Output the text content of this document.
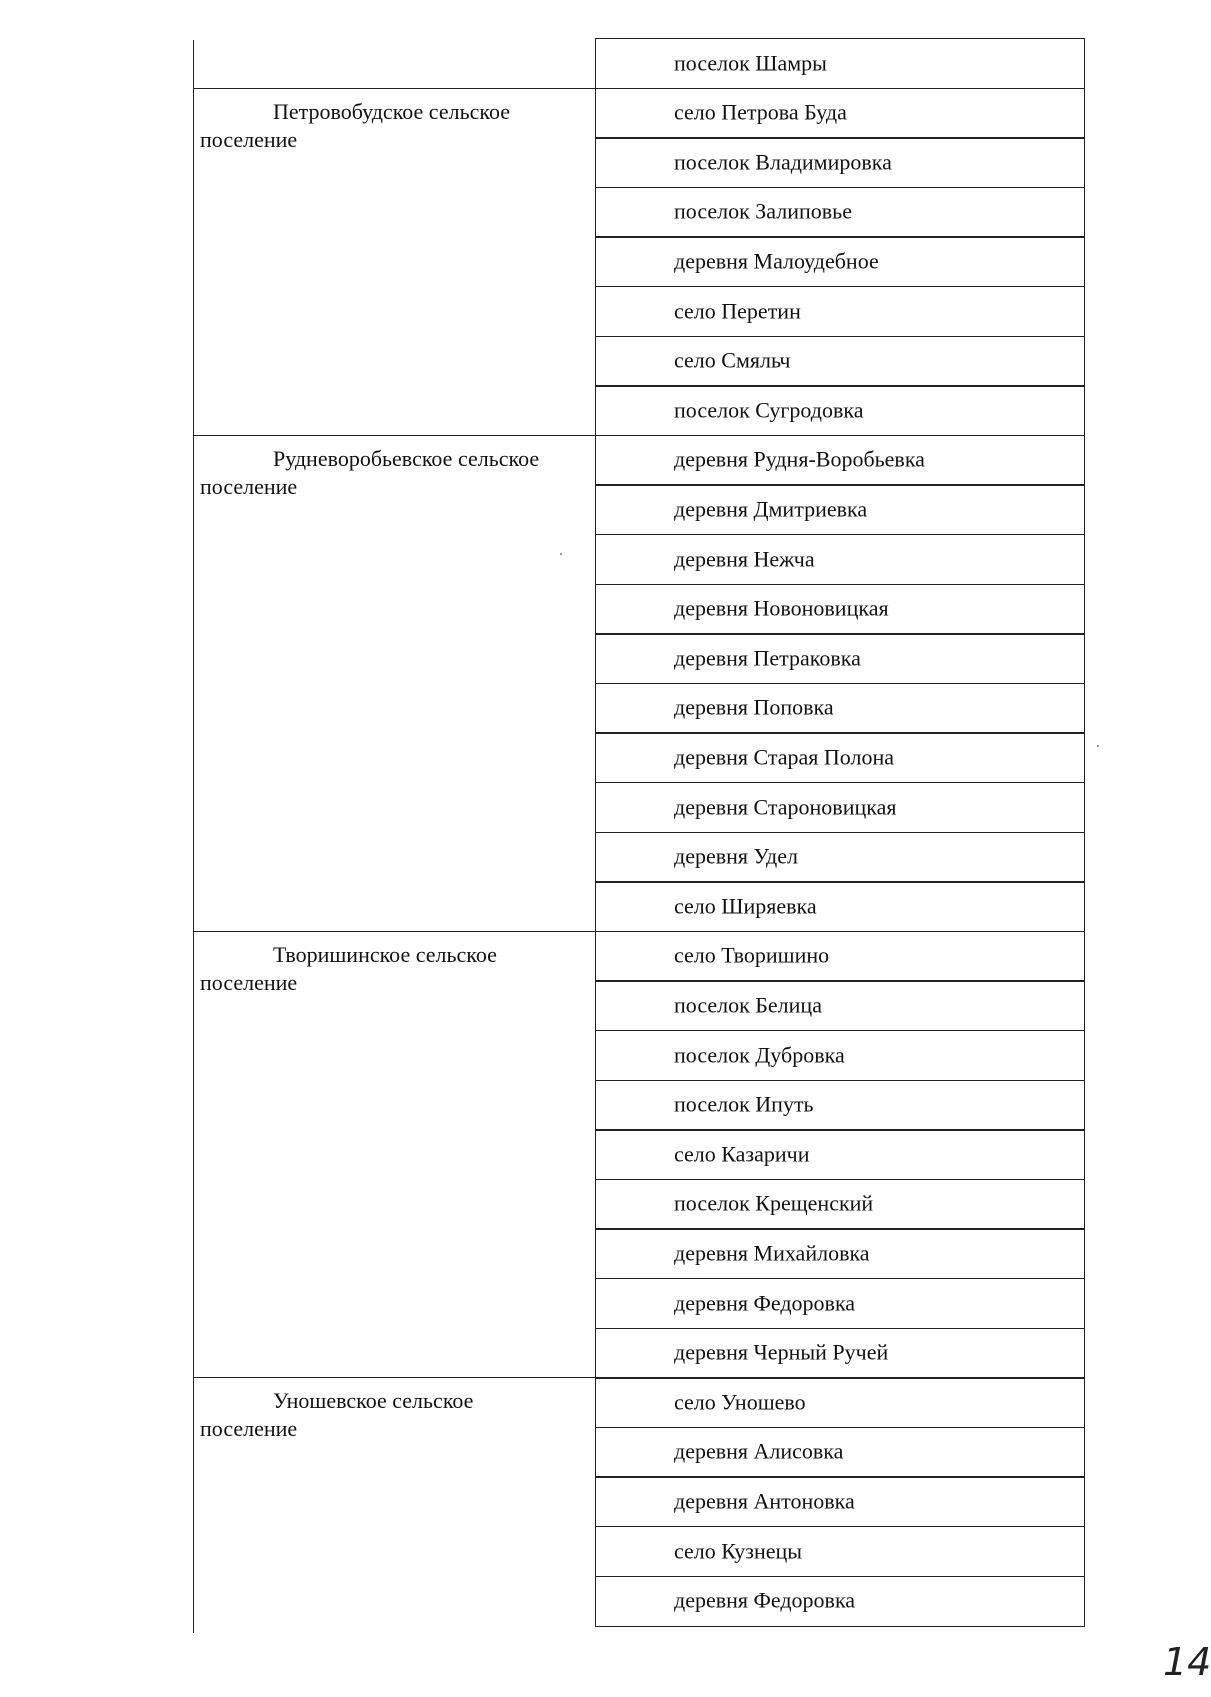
поселок Шамры
Петровобудское сельское
поселение
село Петрова Буда
поселок Владимировка
поселок Залиповье
деревня Малоудебное
село Перетин
село Смяльч
поселок Сугродовка
Рудневоробьевское сельское
поселение
деревня Рудня-Воробьевка
деревня Дмитриевка
деревня Нежча
деревня Новоновицкая
деревня Петраковка
деревня Поповка
деревня Старая Полона
деревня Староновицкая
деревня Удел
село Ширяевка
Творишинское сельское
поселение
село Творишино
поселок Белица
поселок Дубровка
поселок Ипуть
село Казаричи
поселок Крещенский
деревня Михайловка
деревня Федоровка
деревня Черный Ручей
Уношевское сельское
поселение
село Уношево
деревня Алисовка
деревня Антоновка
село Кузнецы
деревня Федоровка
14
